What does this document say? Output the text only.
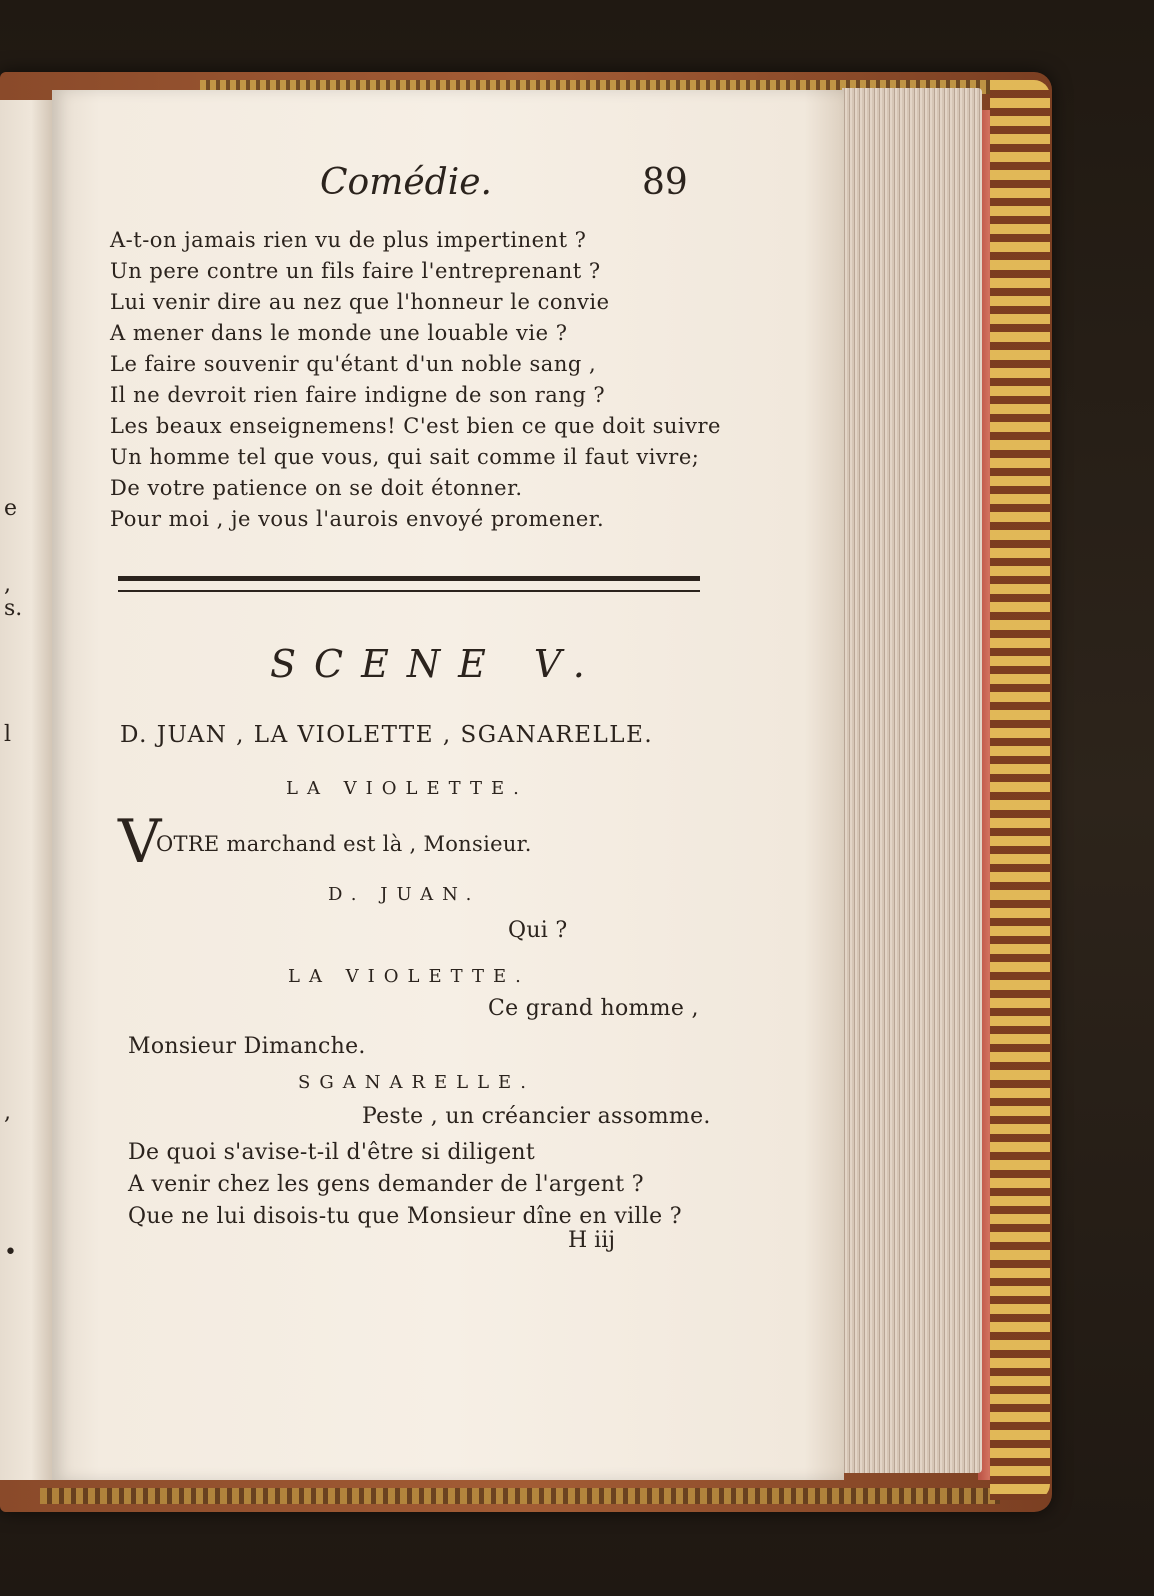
e
,
s.
l
,
•

Comédie.	89

A-t-on jamais rien vu de plus impertinent ?

Un pere contre un fils faire l'entreprenant ?

Lui venir dire au nez que l'honneur le convie

A mener dans le monde une louable vie ?

Le faire souvenir qu'étant d'un noble sang ,

Il ne devroit rien faire indigne de son rang ?

Les beaux enseignemens! C'est bien ce que doit suivre

Un homme tel que vous, qui sait comme il faut vivre;

De votre patience on se doit étonner.

Pour moi , je vous l'aurois envoyé promener.

SCENE V.

D. JUAN , LA VIOLETTE , SGANARELLE.

LA VIOLETTE.

V

OTRE marchand est là , Monsieur.

D. JUAN.

Qui ?

LA VIOLETTE.

Ce grand homme ,

Monsieur Dimanche.

SGANARELLE.

Peste , un créancier assomme.

De quoi s'avise-t-il d'être si diligent

A venir chez les gens demander de l'argent ?

Que ne lui disois-tu que Monsieur dîne en ville ?

H iij
